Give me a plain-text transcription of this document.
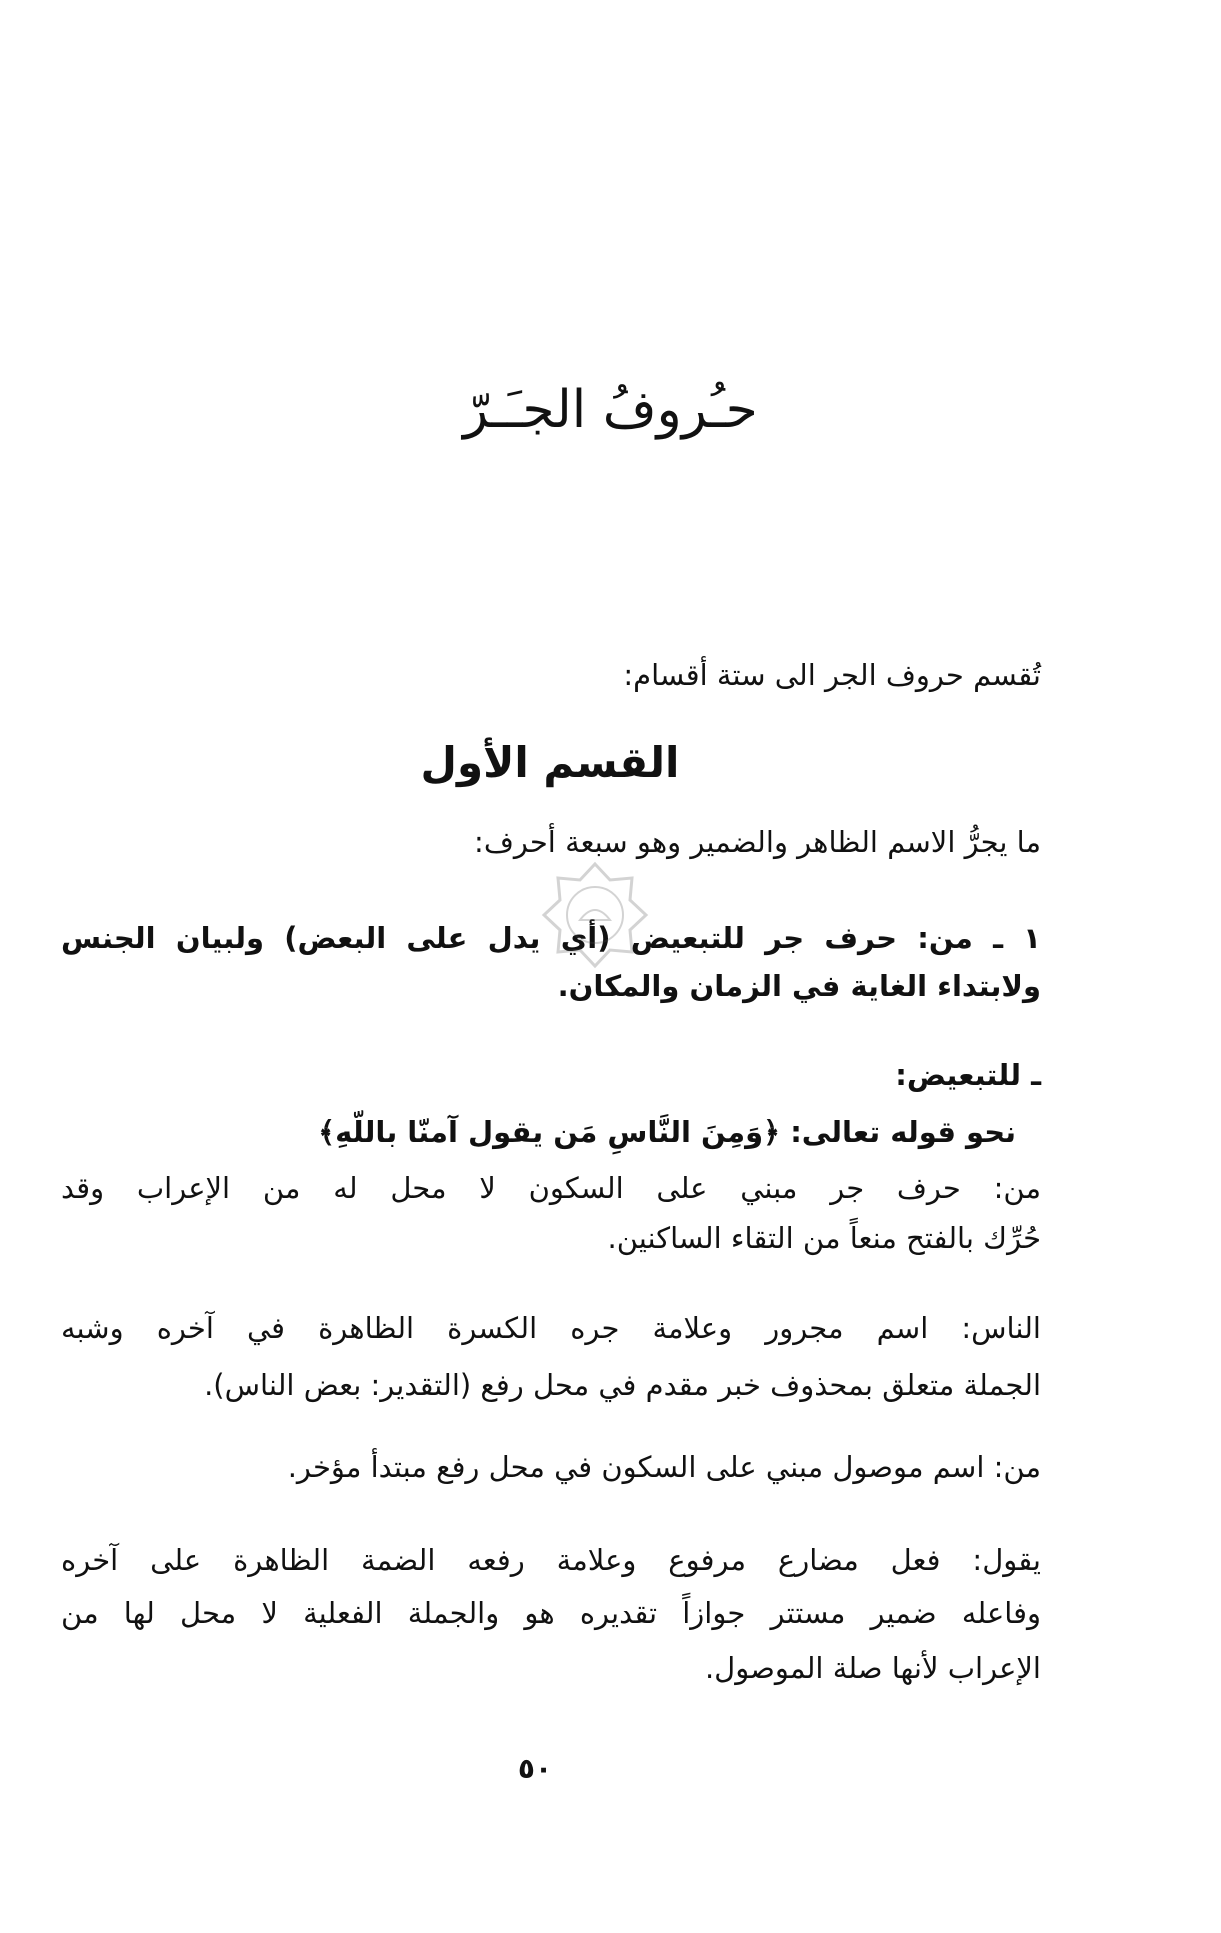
حـُروفُ الجـَـرّ
تُقسم حروف الجر الى ستة أقسام:
القسم الأول
ما يجرُّ الاسم الظاهر والضمير وهو سبعة أحرف:
١ ـ من: حرف جر للتبعيض (أي يدل على البعض) ولبيان الجنس
ولابتداء الغاية في الزمان والمكان.
ـ للتبعيض:
نحو قوله تعالى: ﴿وَمِنَ النَّاسِ مَن يقول آمنّا باللّهِ﴾
من: حرف جر مبني على السكون لا محل له من الإعراب وقد
حُرِّك بالفتح منعاً من التقاء الساكنين.
الناس: اسم مجرور وعلامة جره الكسرة الظاهرة في آخره وشبه
الجملة متعلق بمحذوف خبر مقدم في محل رفع (التقدير: بعض الناس).
من: اسم موصول مبني على السكون في محل رفع مبتدأ مؤخر.
يقول: فعل مضارع مرفوع وعلامة رفعه الضمة الظاهرة على آخره
وفاعله ضمير مستتر جوازاً تقديره هو والجملة الفعلية لا محل لها من
الإعراب لأنها صلة الموصول.
٥٠
